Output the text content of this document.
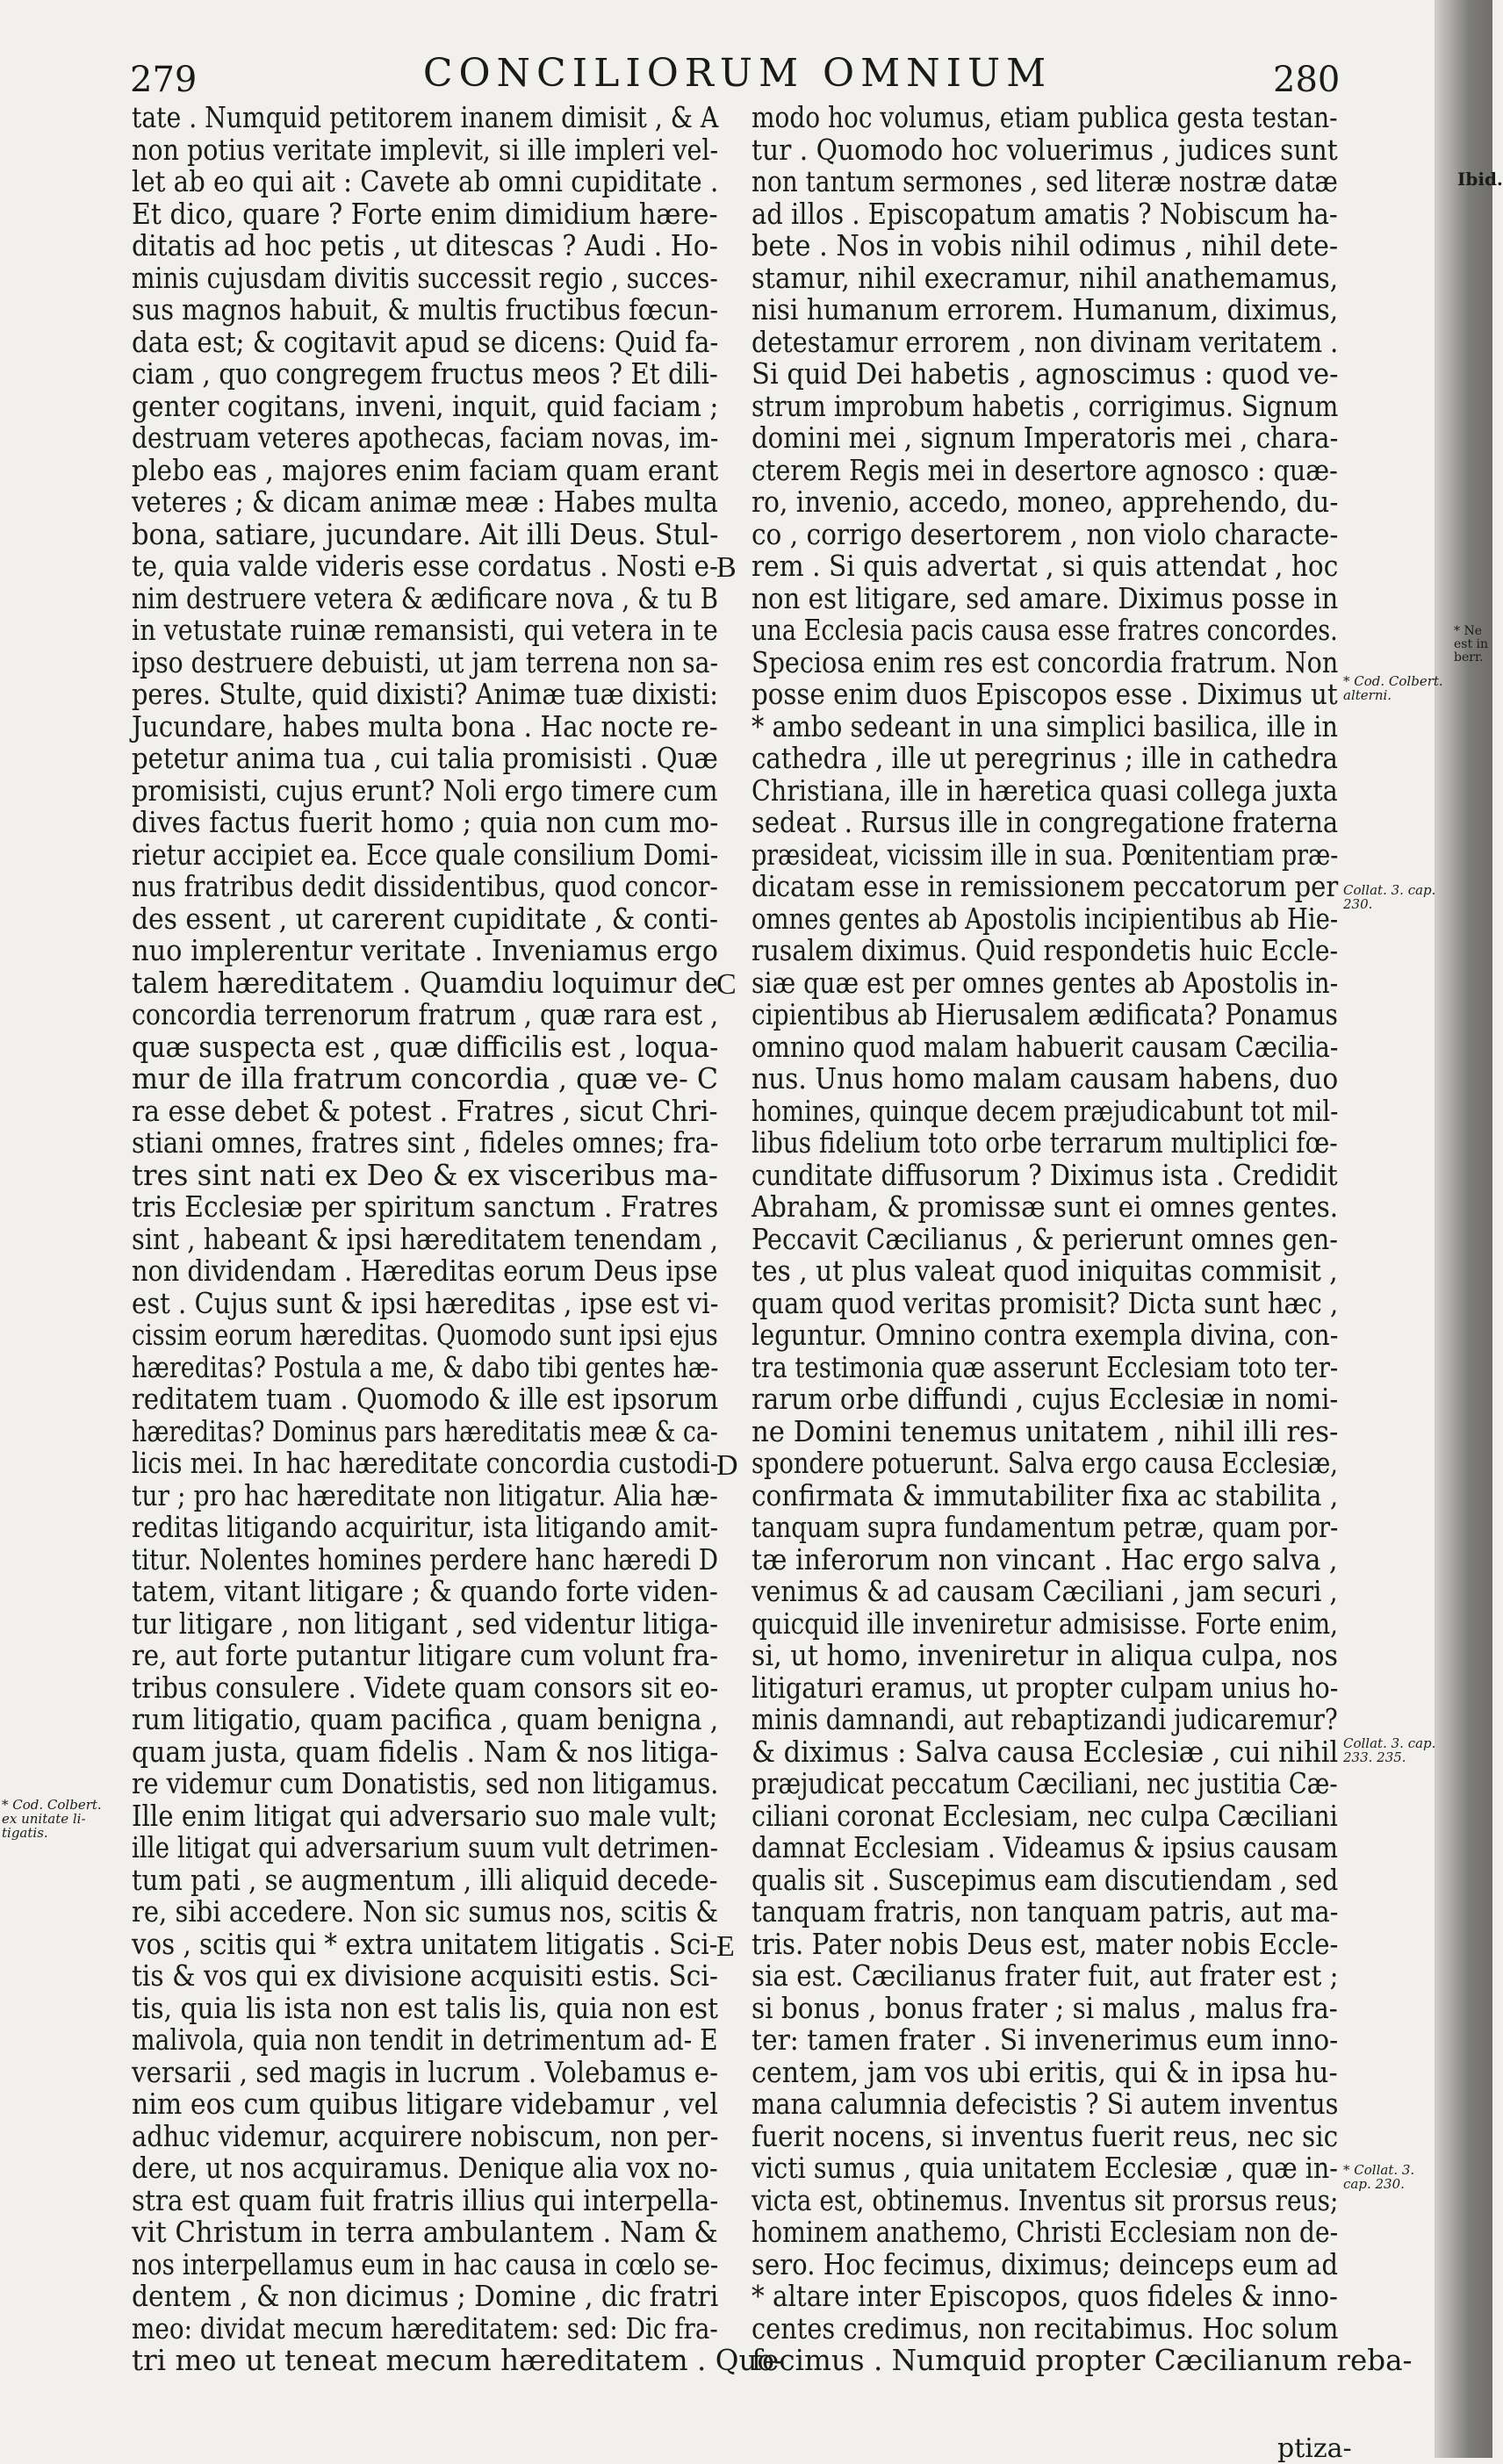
279	CONCILIORUM OMNIUM	280

tate . Numquid petitorem inanem dimisit , & A

non potius veritate implevit, si ille impleri vel-

let ab eo qui ait : Cavete ab omni cupiditate .

Et dico, quare ? Forte enim dimidium hære-

ditatis ad hoc petis , ut ditescas ? Audi . Ho-

minis cujusdam divitis successit regio , succes-

sus magnos habuit, & multis fructibus fœcun-

data est; & cogitavit apud se dicens: Quid fa-

ciam , quo congregem fructus meos ? Et dili-

genter cogitans, inveni, inquit, quid faciam ;

destruam veteres apothecas, faciam novas, im-

plebo eas , majores enim faciam quam erant

veteres ; & dicam animæ meæ : Habes multa

bona, satiare, jucundare. Ait illi Deus. Stul-

te, quia valde videris esse cordatus . Nosti e-

nim destruere vetera & ædificare nova , & tu B

in vetustate ruinæ remansisti, qui vetera in te

ipso destruere debuisti, ut jam terrena non sa-

peres. Stulte, quid dixisti? Animæ tuæ dixisti:

Jucundare, habes multa bona . Hac nocte re-

petetur anima tua , cui talia promisisti . Quæ

promisisti, cujus erunt? Noli ergo timere cum

dives factus fuerit homo ; quia non cum mo-

rietur accipiet ea. Ecce quale consilium Domi-

nus fratribus dedit dissidentibus, quod concor-

des essent , ut carerent cupiditate , & conti-

nuo implerentur veritate . Inveniamus ergo

talem hæreditatem . Quamdiu loquimur de

concordia terrenorum fratrum , quæ rara est ,

quæ suspecta est , quæ difficilis est , loqua-

mur de illa fratrum concordia , quæ ve- C

ra esse debet & potest . Fratres , sicut Chri-

stiani omnes, fratres sint , fideles omnes; fra-

tres sint nati ex Deo & ex visceribus ma-

tris Ecclesiæ per spiritum sanctum . Fratres

sint , habeant & ipsi hæreditatem tenendam ,

non dividendam . Hæreditas eorum Deus ipse

est . Cujus sunt & ipsi hæreditas , ipse est vi-

cissim eorum hæreditas. Quomodo sunt ipsi ejus

hæreditas? Postula a me, & dabo tibi gentes hæ-

reditatem tuam . Quomodo & ille est ipsorum

hæreditas? Dominus pars hæreditatis meæ & ca-

licis mei. In hac hæreditate concordia custodi-

tur ; pro hac hæreditate non litigatur. Alia hæ-

reditas litigando acquiritur, ista litigando amit-

titur. Nolentes homines perdere hanc hæredi D

tatem, vitant litigare ; & quando forte viden-

tur litigare , non litigant , sed videntur litiga-

re, aut forte putantur litigare cum volunt fra-

tribus consulere . Videte quam consors sit eo-

rum litigatio, quam pacifica , quam benigna ,

quam justa, quam fidelis . Nam & nos litiga-

re videmur cum Donatistis, sed non litigamus.

Ille enim litigat qui adversario suo male vult;

ille litigat qui adversarium suum vult detrimen-

tum pati , se augmentum , illi aliquid decede-

re, sibi accedere. Non sic sumus nos, scitis &

vos , scitis qui * extra unitatem litigatis . Sci-

tis & vos qui ex divisione acquisiti estis. Sci-

tis, quia lis ista non est talis lis, quia non est

malivola, quia non tendit in detrimentum ad- E

versarii , sed magis in lucrum . Volebamus e-

nim eos cum quibus litigare videbamur , vel

adhuc videmur, acquirere nobiscum, non per-

dere, ut nos acquiramus. Denique alia vox no-

stra est quam fuit fratris illius qui interpella-

vit Christum in terra ambulantem . Nam &

nos interpellamus eum in hac causa in cœlo se-

dentem , & non dicimus ; Domine , dic fratri

meo: dividat mecum hæreditatem: sed: Dic fra-

tri meo ut teneat mecum hæreditatem . Quo-

modo hoc volumus, etiam publica gesta testan-

tur . Quomodo hoc voluerimus , judices sunt

non tantum sermones , sed literæ nostræ datæ

ad illos . Episcopatum amatis ? Nobiscum ha-

bete . Nos in vobis nihil odimus , nihil dete-

stamur, nihil execramur, nihil anathemamus,

nisi humanum errorem. Humanum, diximus,

detestamur errorem , non divinam veritatem .

Si quid Dei habetis , agnoscimus : quod ve-

strum improbum habetis , corrigimus. Signum

domini mei , signum Imperatoris mei , chara-

cterem Regis mei in desertore agnosco : quæ-

ro, invenio, accedo, moneo, apprehendo, du-

co , corrigo desertorem , non violo characte-

rem . Si quis advertat , si quis attendat , hoc

non est litigare, sed amare. Diximus posse in

una Ecclesia pacis causa esse fratres concordes.

Speciosa enim res est concordia fratrum. Non

posse enim duos Episcopos esse . Diximus ut

* ambo sedeant in una simplici basilica, ille in

cathedra , ille ut peregrinus ; ille in cathedra

Christiana, ille in hæretica quasi collega juxta

sedeat . Rursus ille in congregatione fraterna

præsideat, vicissim ille in sua. Pœnitentiam præ-

dicatam esse in remissionem peccatorum per

omnes gentes ab Apostolis incipientibus ab Hie-

rusalem diximus. Quid respondetis huic Eccle-

siæ quæ est per omnes gentes ab Apostolis in-

cipientibus ab Hierusalem ædificata? Ponamus

omnino quod malam habuerit causam Cæcilia-

nus. Unus homo malam causam habens, duo

homines, quinque decem præjudicabunt tot mil-

libus fidelium toto orbe terrarum multiplici fœ-

cunditate diffusorum ? Diximus ista . Credidit

Abraham, & promissæ sunt ei omnes gentes.

Peccavit Cæcilianus , & perierunt omnes gen-

tes , ut plus valeat quod iniquitas commisit ,

quam quod veritas promisit? Dicta sunt hæc ,

leguntur. Omnino contra exempla divina, con-

tra testimonia quæ asserunt Ecclesiam toto ter-

rarum orbe diffundi , cujus Ecclesiæ in nomi-

ne Domini tenemus unitatem , nihil illi res-

spondere potuerunt. Salva ergo causa Ecclesiæ,

confirmata & immutabiliter fixa ac stabilita ,

tanquam supra fundamentum petræ, quam por-

tæ inferorum non vincant . Hac ergo salva ,

venimus & ad causam Cæciliani , jam securi ,

quicquid ille inveniretur admisisse. Forte enim,

si, ut homo, inveniretur in aliqua culpa, nos

litigaturi eramus, ut propter culpam unius ho-

minis damnandi, aut rebaptizandi judicaremur?

& diximus : Salva causa Ecclesiæ , cui nihil

præjudicat peccatum Cæciliani, nec justitia Cæ-

ciliani coronat Ecclesiam, nec culpa Cæciliani

damnat Ecclesiam . Videamus & ipsius causam

qualis sit . Suscepimus eam discutiendam , sed

tanquam fratris, non tanquam patris, aut ma-

tris. Pater nobis Deus est, mater nobis Eccle-

sia est. Cæcilianus frater fuit, aut frater est ;

si bonus , bonus frater ; si malus , malus fra-

ter: tamen frater . Si invenerimus eum inno-

centem, jam vos ubi eritis, qui & in ipsa hu-

mana calumnia defecistis ? Si autem inventus

fuerit nocens, si inventus fuerit reus, nec sic

victi sumus , quia unitatem Ecclesiæ , quæ in-

victa est, obtinemus. Inventus sit prorsus reus;

hominem anathemo, Christi Ecclesiam non de-

sero. Hoc fecimus, diximus; deinceps eum ad

* altare inter Episcopos, quos fideles & inno-

centes credimus, non recitabimus. Hoc solum

fecimus . Numquid propter Cæcilianum reba-

B
C
D
E
* Cod. Colbert.
ex unitate li-
tigatis.
Ibid.
* Cod. Colbert.
alterni.
Collat. 3. cap.
230.
Collat. 3. cap.
233. 235.
* Collat. 3.
cap. 230.
* Ne
est in
berr.
ptiza-
